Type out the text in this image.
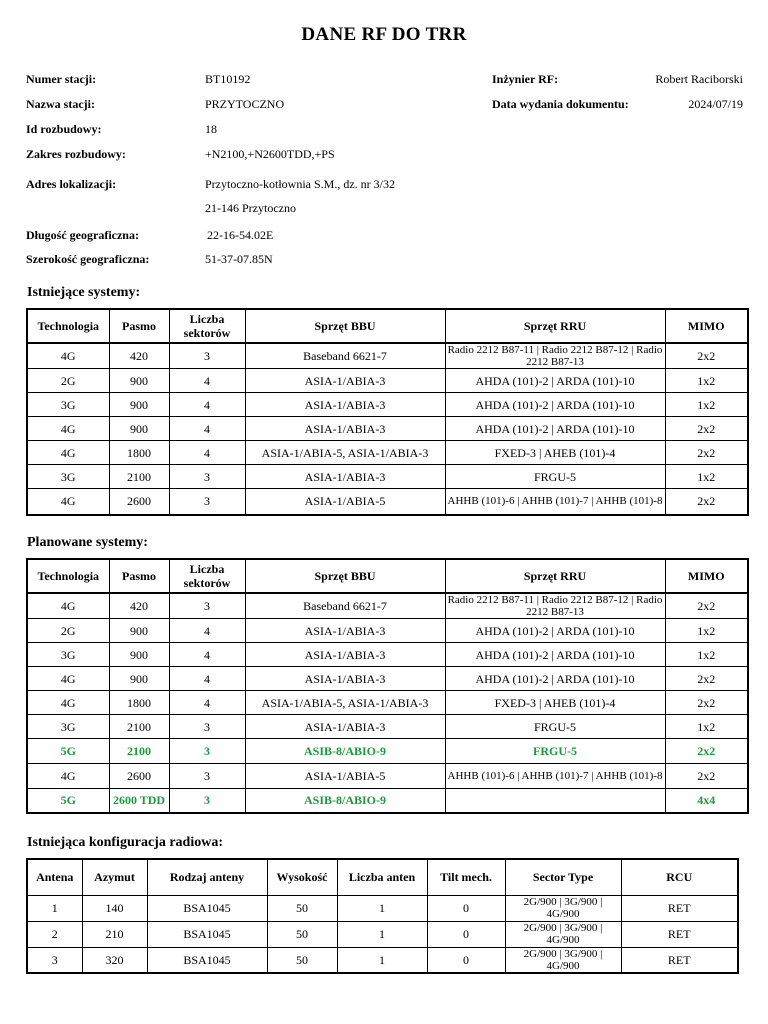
DANE RF DO TRR
Numer stacji:	BT10192	Inżynier RF:	Robert Raciborski
Nazwa stacji:	PRZYTOCZNO	Data wydania dokumentu:	2024/07/19
Id rozbudowy:	18
Zakres rozbudowy:	+N2100,+N2600TDD,+PS
Adres lokalizacji:	Przytoczno-kotłownia S.M., dz. nr 3/32
21-146 Przytoczno
Długość geograficzna:	22-16-54.02E
Szerokość geograficzna:	51-37-07.85N
Istniejące systemy:
Technologia	Pasmo	Liczba
sektorów	Sprzęt BBU	Sprzęt RRU	MIMO
4G	420	3	Baseband 6621-7	Radio 2212 B87-11 | Radio 2212 B87-12 | Radio 2212 B87-13	2x2
2G	900	4	ASIA-1/ABIA-3	AHDA (101)-2 | ARDA (101)-10	1x2
3G	900	4	ASIA-1/ABIA-3	AHDA (101)-2 | ARDA (101)-10	1x2
4G	900	4	ASIA-1/ABIA-3	AHDA (101)-2 | ARDA (101)-10	2x2
4G	1800	4	ASIA-1/ABIA-5, ASIA-1/ABIA-3	FXED-3 | AHEB (101)-4	2x2
3G	2100	3	ASIA-1/ABIA-3	FRGU-5	1x2
4G	2600	3	ASIA-1/ABIA-5	AHHB (101)-6 | AHHB (101)-7 | AHHB (101)-8	2x2
Planowane systemy:
Technologia	Pasmo	Liczba
sektorów	Sprzęt BBU	Sprzęt RRU	MIMO
4G	420	3	Baseband 6621-7	Radio 2212 B87-11 | Radio 2212 B87-12 | Radio 2212 B87-13	2x2
2G	900	4	ASIA-1/ABIA-3	AHDA (101)-2 | ARDA (101)-10	1x2
3G	900	4	ASIA-1/ABIA-3	AHDA (101)-2 | ARDA (101)-10	1x2
4G	900	4	ASIA-1/ABIA-3	AHDA (101)-2 | ARDA (101)-10	2x2
4G	1800	4	ASIA-1/ABIA-5, ASIA-1/ABIA-3	FXED-3 | AHEB (101)-4	2x2
3G	2100	3	ASIA-1/ABIA-3	FRGU-5	1x2
5G	2100	3	ASIB-8/ABIO-9	FRGU-5	2x2
4G	2600	3	ASIA-1/ABIA-5	AHHB (101)-6 | AHHB (101)-7 | AHHB (101)-8	2x2
5G	2600 TDD	3	ASIB-8/ABIO-9		4x4
Istniejąca konfiguracja radiowa:
Antena	Azymut	Rodzaj anteny	Wysokość	Liczba anten	Tilt mech.	Sector Type	RCU
1	140	BSA1045	50	1	0	2G/900 | 3G/900 | 4G/900	RET
2	210	BSA1045	50	1	0	2G/900 | 3G/900 | 4G/900	RET
3	320	BSA1045	50	1	0	2G/900 | 3G/900 | 4G/900	RET
